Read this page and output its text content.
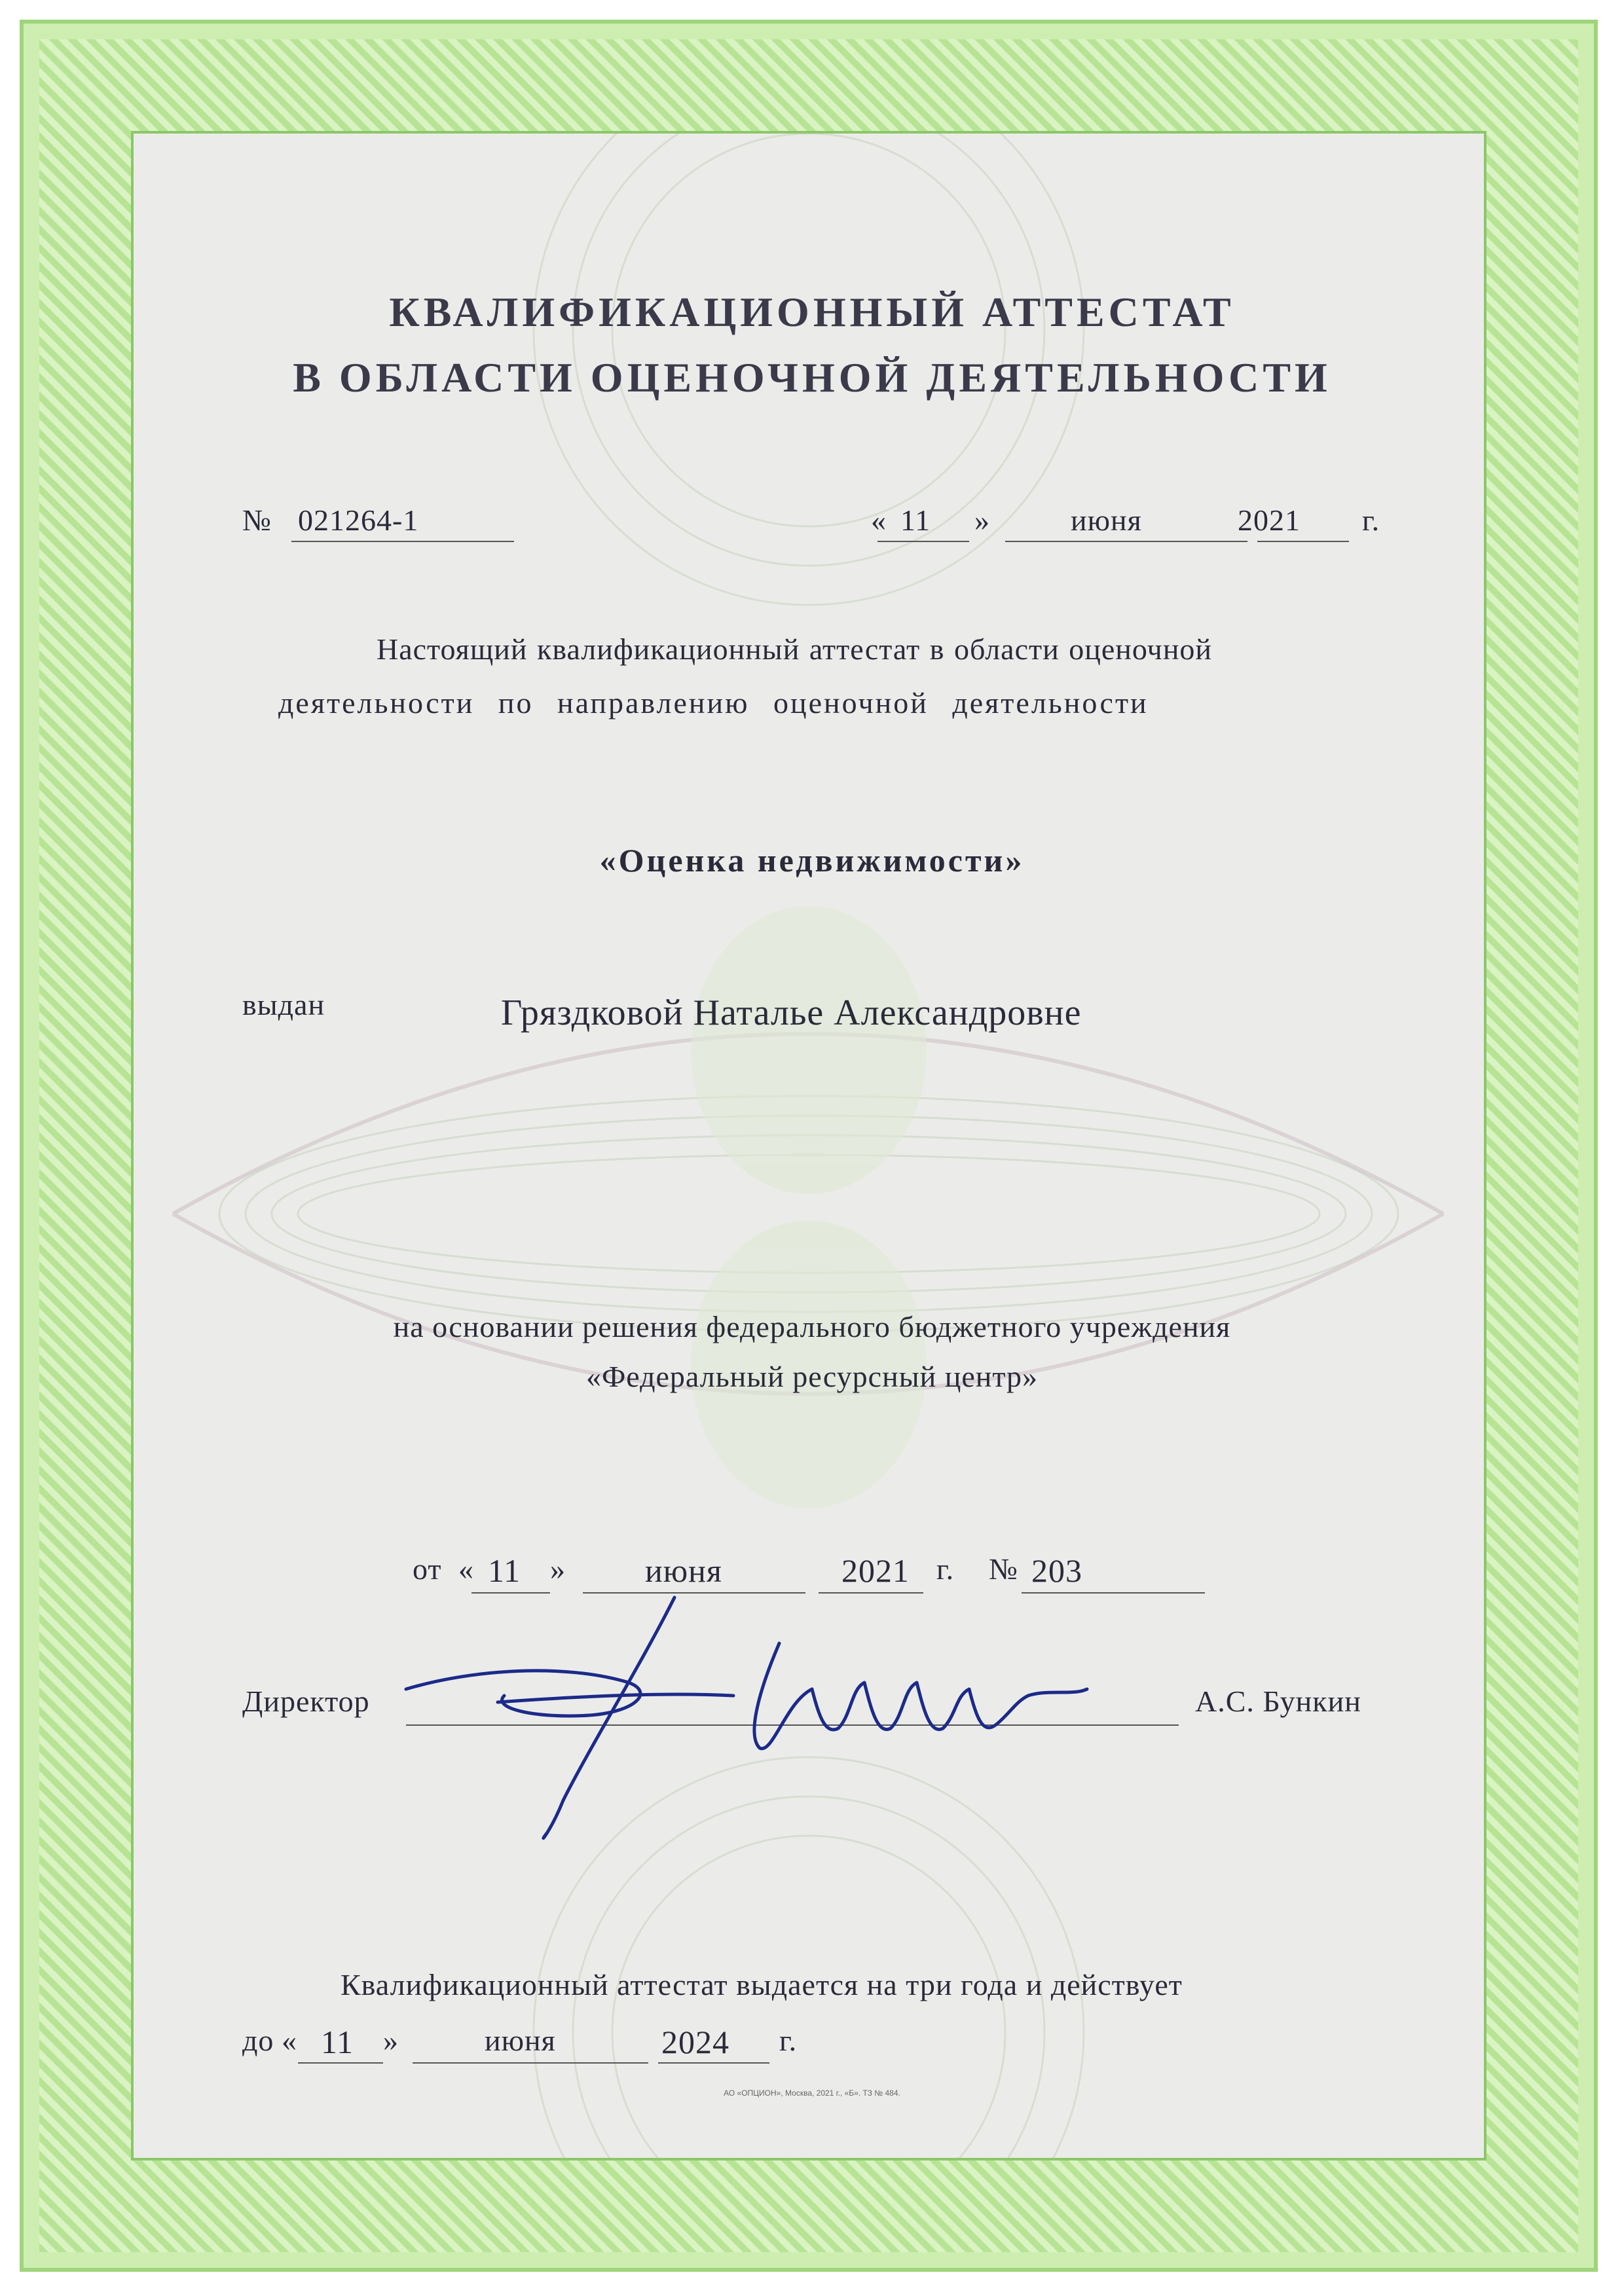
КВАЛИФИКАЦИОННЫЙ АТТЕСТАТ
В ОБЛАСТИ ОЦЕНОЧНОЙ ДЕЯТЕЛЬНОСТИ
№ 021264-1	« 11 »	июня	2021 г.
Настоящий квалификационный аттестат в области оценочной
деятельности по направлению оценочной деятельности
«Оценка недвижимости»
выдан	Гряздковой Наталье Александровне
на основании решения федерального бюджетного учреждения
«Федеральный ресурсный центр»
от « 11 » июня	2021 г. № 203
Директор	А.С. Бункин
Квалификационный аттестат выдается на три года и действует
до « 11 »	июня	2024 г.
АО «ОПЦИОН», Москва, 2021 г., «Б». ТЗ № 484.
